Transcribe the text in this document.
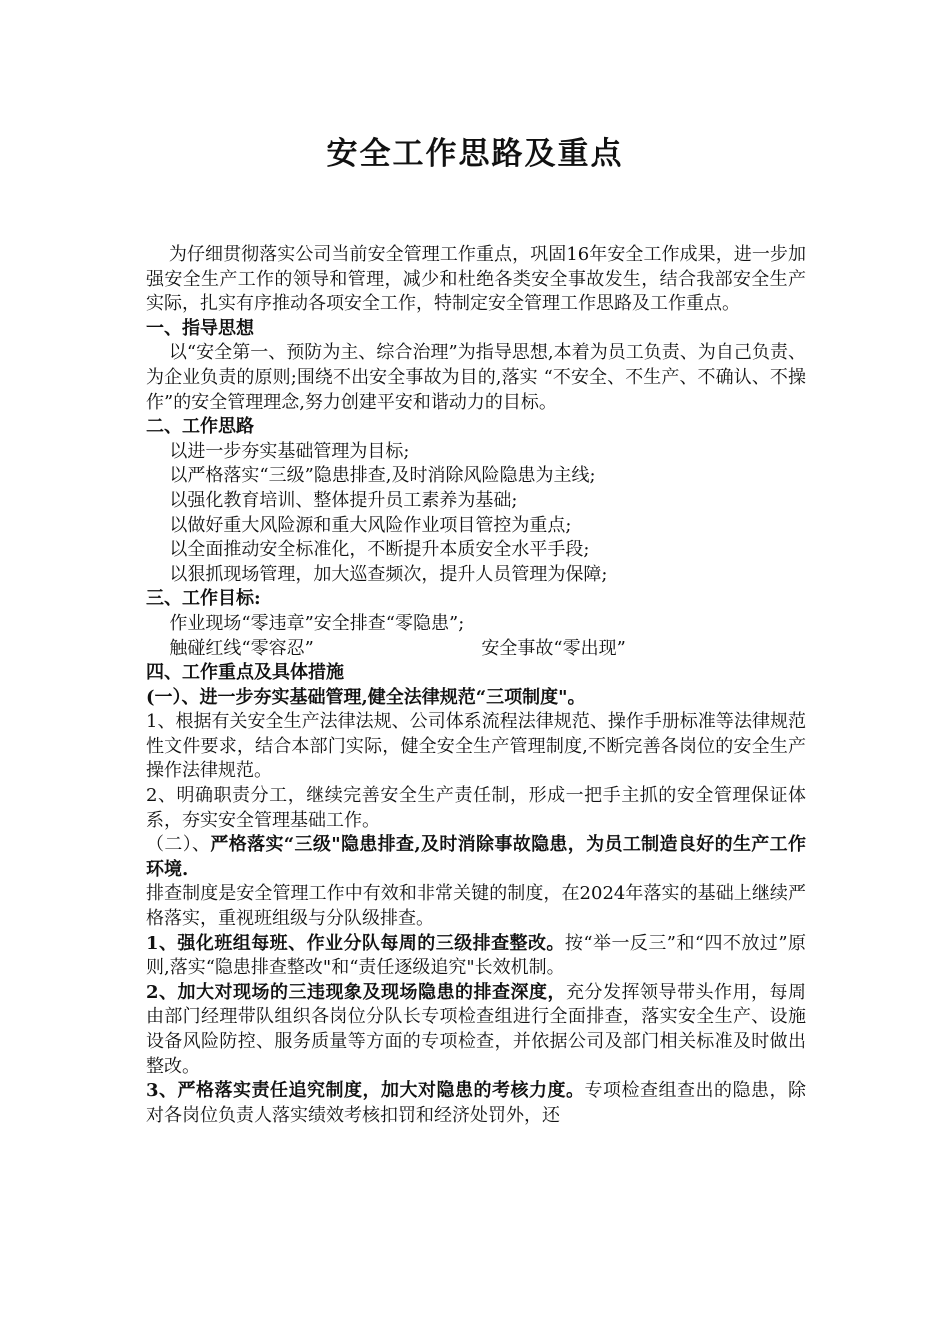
安全工作思路及重点

为仔细贯彻落实公司当前安全管理工作重点，巩固16年安全工作成果，进一步加强安全生产工作的领导和管理，减少和杜绝各类安全事故发生，结合我部安全生产实际，扎实有序推动各项安全工作，特制定安全管理工作思路及工作重点。

一、指导思想

以“安全第一、预防为主、综合治理”为指导思想,本着为员工负责、为自己负责、为企业负责的原则;围绕不出安全事故为目的,落实 “不安全、不生产、不确认、不操作”的安全管理理念,努力创建平安和谐动力的目标。

二、工作思路

以进一步夯实基础管理为目标;

以严格落实“三级”隐患排查,及时消除风险隐患为主线;

以强化教育培训、整体提升员工素养为基础;

以做好重大风险源和重大风险作业项目管控为重点;

以全面推动安全标准化，不断提升本质安全水平手段;

以狠抓现场管理，加大巡查频次，提升人员管理为保障;

三、工作目标:

作业现场“零违章”安全排查“零隐患”;

触碰红线“零容忍”	安全事故“零出现”

四、工作重点及具体措施

(一）、进一步夯实基础管理,健全法律规范“三项制度"。

1、根据有关安全生产法律法规、公司体系流程法律规范、操作手册标准等法律规范性文件要求，结合本部门实际，健全安全生产管理制度,不断完善各岗位的安全生产操作法律规范。

2、明确职责分工，继续完善安全生产责任制，形成一把手主抓的安全管理保证体系，夯实安全管理基础工作。

（二）、严格落实“三级"隐患排查,及时消除事故隐患，为员工制造良好的生产工作环境.

排查制度是安全管理工作中有效和非常关键的制度，在2024年落实的基础上继续严格落实，重视班组级与分队级排查。

1、强化班组每班、作业分队每周的三级排查整改。按“举一反三”和“四不放过”原则,落实“隐患排查整改"和“责任逐级追究"长效机制。

2、加大对现场的三违现象及现场隐患的排查深度，充分发挥领导带头作用，每周由部门经理带队组织各岗位分队长专项检查组进行全面排查，落实安全生产、设施设备风险防控、服务质量等方面的专项检查，并依据公司及部门相关标准及时做出整改。

3、严格落实责任追究制度，加大对隐患的考核力度。专项检查组查出的隐患，除对各岗位负责人落实绩效考核扣罚和经济处罚外，还
